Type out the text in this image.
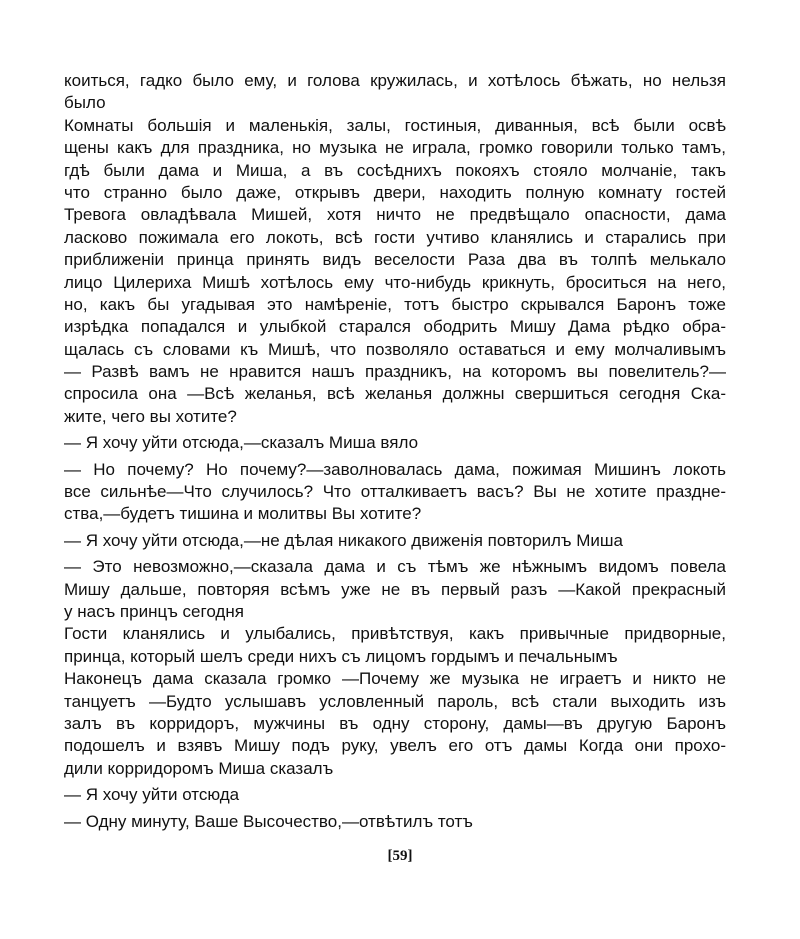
коиться, гадко было ему, и голова кружилась, и хотѣлось бѣжать, но нельзя
было
Комнаты большiя и маленькiя, залы, гостиныя, диванныя, всѣ были освѣ
щены какъ для праздника, но музыка не играла, громко говорили только тамъ,
гдѣ были дама и Миша, а въ сосѣднихъ покояхъ стояло молчанiе, такъ
что странно было даже, открывъ двери, находить полную комнату гостей
Тревога овладѣвала Мишей, хотя ничто не предвѣщало опасности, дама
ласково пожимала его локоть, всѣ гости учтиво кланялись и старались при
приближенiи принца принять видъ веселости Раза два въ толпѣ мелькало
лицо Цилериха Мишѣ хотѣлось ему что-нибудь крикнуть, броситься на него,
но, какъ бы угадывая это намѣренiе, тотъ быстро скрывался Баронъ тоже
изрѣдка попадался и улыбкой старался ободрить Мишу Дама рѣдко обра-
щалась съ словами къ Мишѣ, что позволяло оставаться и ему молчаливымъ
— Развѣ вамъ не нравится нашъ праздникъ, на которомъ вы повелитель?—
спросила она —Всѣ желанья, всѣ желанья должны свершиться сегодня Ска-
жите, чего вы хотите?
— Я хочу уйти отсюда,—сказалъ Миша вяло
— Но почему? Но почему?—заволновалась дама, пожимая Мишинъ локоть
все сильнѣе—Что случилось? Что отталкиваетъ васъ? Вы не хотите праздне-
ства,—будетъ тишина и молитвы Вы хотите?
— Я хочу уйти отсюда,—не дѣлая никакого движенiя повторилъ Миша
— Это невозможно,—сказала дама и съ тѣмъ же нѣжнымъ видомъ повела
Мишу дальше, повторяя всѣмъ уже не въ первый разъ —Какой прекрасный
у насъ принцъ сегодня
Гости кланялись и улыбались, привѣтствуя, какъ привычные придворные,
принца, который шелъ среди нихъ съ лицомъ гордымъ и печальнымъ
Наконецъ дама сказала громко —Почему же музыка не играетъ и никто не
танцуетъ —Будто услышавъ условленный пароль, всѣ стали выходить изъ
залъ въ корридоръ, мужчины въ одну сторону, дамы—въ другую Баронъ
подошелъ и взявъ Мишу подъ руку, увелъ его отъ дамы Когда они прохо-
дили корридоромъ Миша сказалъ
— Я хочу уйти отсюда
— Одну минуту, Ваше Высочество,—отвѣтилъ тотъ
[59]
